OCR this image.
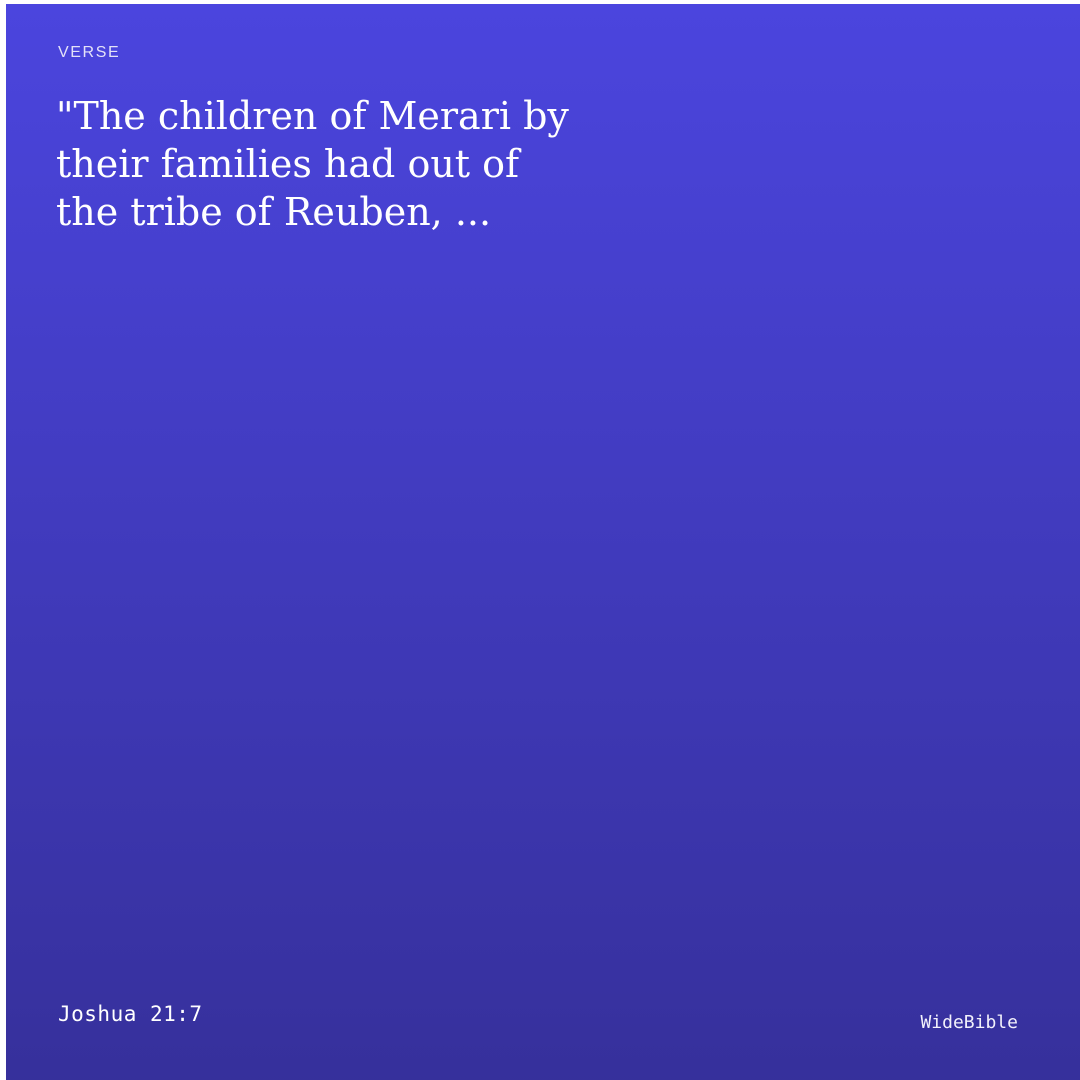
VERSE
"The children of Merari by
their families had out of
the tribe of Reuben, ...
Joshua 21:7	WideBible
